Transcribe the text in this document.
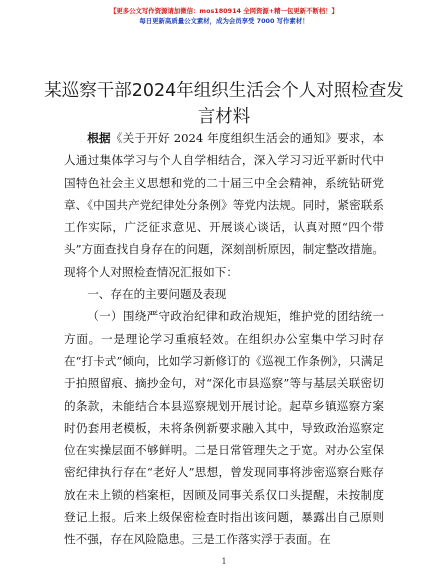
【更多公文写作资源请加微信：mos180914 全网资源+精一包更新不断档！】
每日更新高质量公文素材，成为会员享受 7000 写作素材！
某巡察干部2024年组织生活会个人对照检查发言材料

根据《关于开好 2024 年度组织生活会的通知》要求，本人通过集体学习与个人自学相结合，深入学习习近平新时代中国特色社会主义思想和党的二十届三中全会精神，系统钻研党章、《中国共产党纪律处分条例》等党内法规。同时，紧密联系工作实际，广泛征求意见、开展谈心谈话，认真对照“四个带头”方面查找自身存在的问题，深刻剖析原因，制定整改措施。现将个人对照检查情况汇报如下：

一、存在的主要问题及表现

（一）围绕严守政治纪律和政治规矩，维护党的团结统一方面。一是理论学习重痕轻效。在组织办公室集中学习时存在“打卡式”倾向，比如学习新修订的《巡视工作条例》，只满足于拍照留痕、摘抄金句，对“深化市县巡察”等与基层关联密切的条款，未能结合本县巡察规划开展讨论。起草乡镇巡察方案时仍套用老模板，未将条例新要求融入其中，导致政治巡察定位在实操层面不够鲜明。二是日常管理失之于宽。对办公室保密纪律执行存在“老好人”思想，曾发现同事将涉密巡察台账存放在未上锁的档案柜，因顾及同事关系仅口头提醒，未按制度登记上报。后来上级保密检查时指出该问题，暴露出自己原则性不强，存在风险隐患。三是工作落实浮于表面。在

1
